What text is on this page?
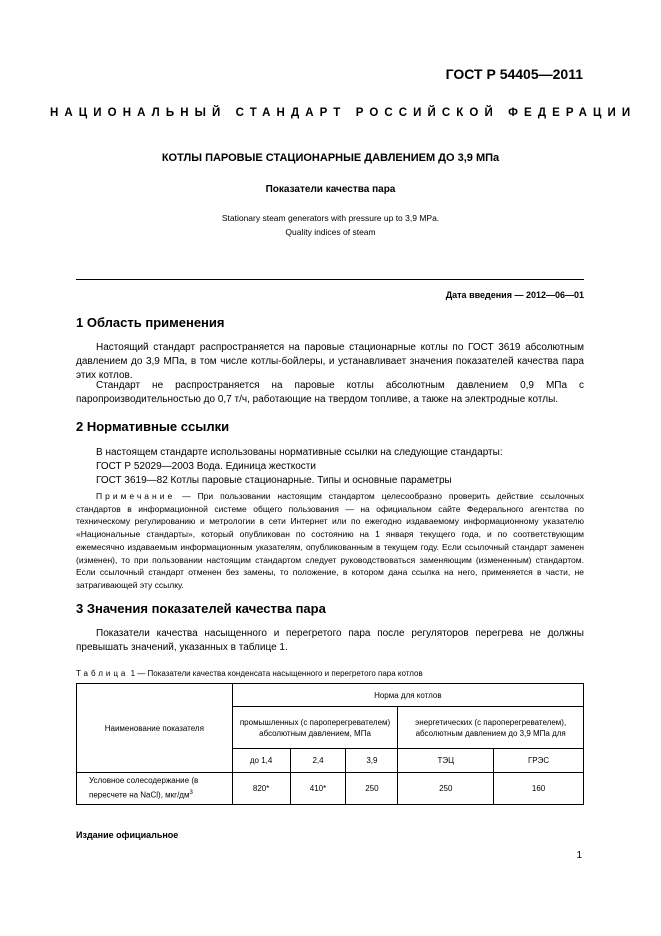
ГОСТ Р 54405—2011
НАЦИОНАЛЬНЫЙ СТАНДАРТ РОССИЙСКОЙ ФЕДЕРАЦИИ
КОТЛЫ ПАРОВЫЕ СТАЦИОНАРНЫЕ ДАВЛЕНИЕМ ДО 3,9 МПа
Показатели качества пара
Stationary steam generators with pressure up to 3,9 MPa.
Quality indices of steam
Дата введения — 2012—06—01
1 Область применения

Настоящий стандарт распространяется на паровые стационарные котлы по ГОСТ 3619 абсолютным давлением до 3,9 МПа, в том числе котлы-бойлеры, и устанавливает значения показателей качества пара этих котлов.

Стандарт не распространяется на паровые котлы абсолютным давлением 0,9 МПа с паропроизводительностью до 0,7 т/ч, работающие на твердом топливе, а также на электродные котлы.

2 Нормативные ссылки

В настоящем стандарте использованы нормативные ссылки на следующие стандарты:

ГОСТ Р 52029—2003 Вода. Единица жесткости

ГОСТ 3619—82 Котлы паровые стационарные. Типы и основные параметры

Примечание — При пользовании настоящим стандартом целесообразно проверить действие ссылочных стандартов в информационной системе общего пользования — на официальном сайте Федерального агентства по техническому регулированию и метрологии в сети Интернет или по ежегодно издаваемому информационному указателю «Национальные стандарты», который опубликован по состоянию на 1 января текущего года, и по соответствующим ежемесячно издаваемым информационным указателям, опубликованным в текущем году. Если ссылочный стандарт заменен (изменен), то при пользовании настоящим стандартом следует руководствоваться заменяющим (измененным) стандартом. Если ссылочный стандарт отменен без замены, то положение, в котором дана ссылка на него, применяется в части, не затрагивающей эту ссылку.

3 Значения показателей качества пара

Показатели качества насыщенного и перегретого пара после регуляторов перегрева не должны превышать значений, указанных в таблице 1.

Таблица 1 — Показатели качества конденсата насыщенного и перегретого пара котлов
Наименование показателя	Норма для котлов				
	промышленных (с пароперегревателем) абсолютным давлением, МПа			энергетических (с пароперегревателем), абсолютным давлением до 3,9 МПа для	
	до 1,4	2,4	3,9	ТЭЦ	ГРЭС
Условное солесодержание (в пересчете на NaCl), мкг/$дм^3$	820*	410*	250	250	160
Издание официальное
1
